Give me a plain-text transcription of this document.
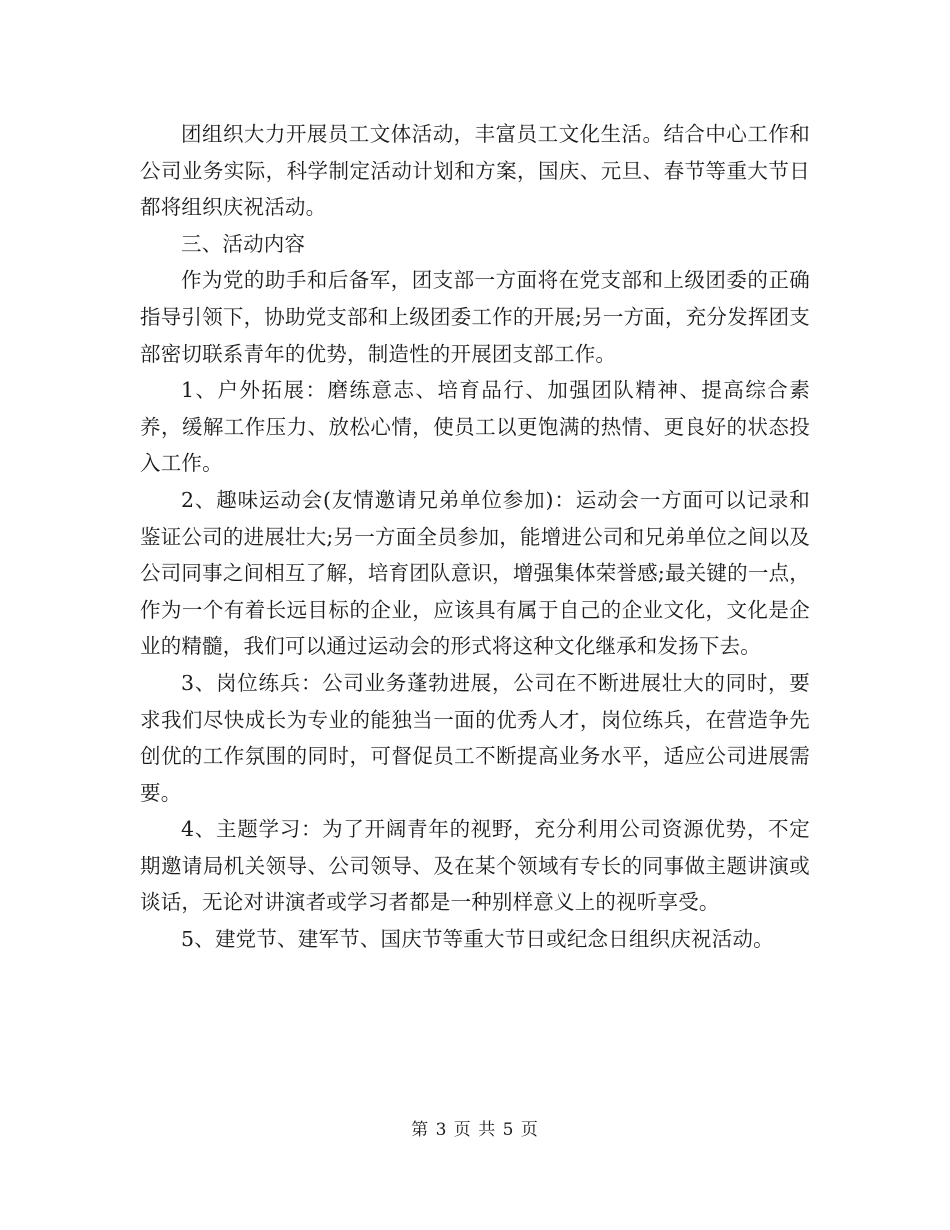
团组织大力开展员工文体活动，丰富员工文化生活。结合中心工作和公司业务实际，科学制定活动计划和方案，国庆、元旦、春节等重大节日都将组织庆祝活动。

三、活动内容

作为党的助手和后备军，团支部一方面将在党支部和上级团委的正确指导引领下，协助党支部和上级团委工作的开展;另一方面，充分发挥团支部密切联系青年的优势，制造性的开展团支部工作。

1、户外拓展：磨练意志、培育品行、加强团队精神、提高综合素养，缓解工作压力、放松心情，使员工以更饱满的热情、更良好的状态投入工作。

2、趣味运动会(友情邀请兄弟单位参加)：运动会一方面可以记录和鉴证公司的进展壮大;另一方面全员参加，能增进公司和兄弟单位之间以及公司同事之间相互了解，培育团队意识，增强集体荣誉感;最关键的一点，作为一个有着长远目标的企业，应该具有属于自己的企业文化，文化是企业的精髓，我们可以通过运动会的形式将这种文化继承和发扬下去。

3、岗位练兵：公司业务蓬勃进展，公司在不断进展壮大的同时，要求我们尽快成长为专业的能独当一面的优秀人才，岗位练兵，在营造争先创优的工作氛围的同时，可督促员工不断提高业务水平，适应公司进展需要。

4、主题学习：为了开阔青年的视野，充分利用公司资源优势，不定期邀请局机关领导、公司领导、及在某个领域有专长的同事做主题讲演或谈话，无论对讲演者或学习者都是一种别样意义上的视听享受。

5、建党节、建军节、国庆节等重大节日或纪念日组织庆祝活动。

第 3 页 共 5 页
